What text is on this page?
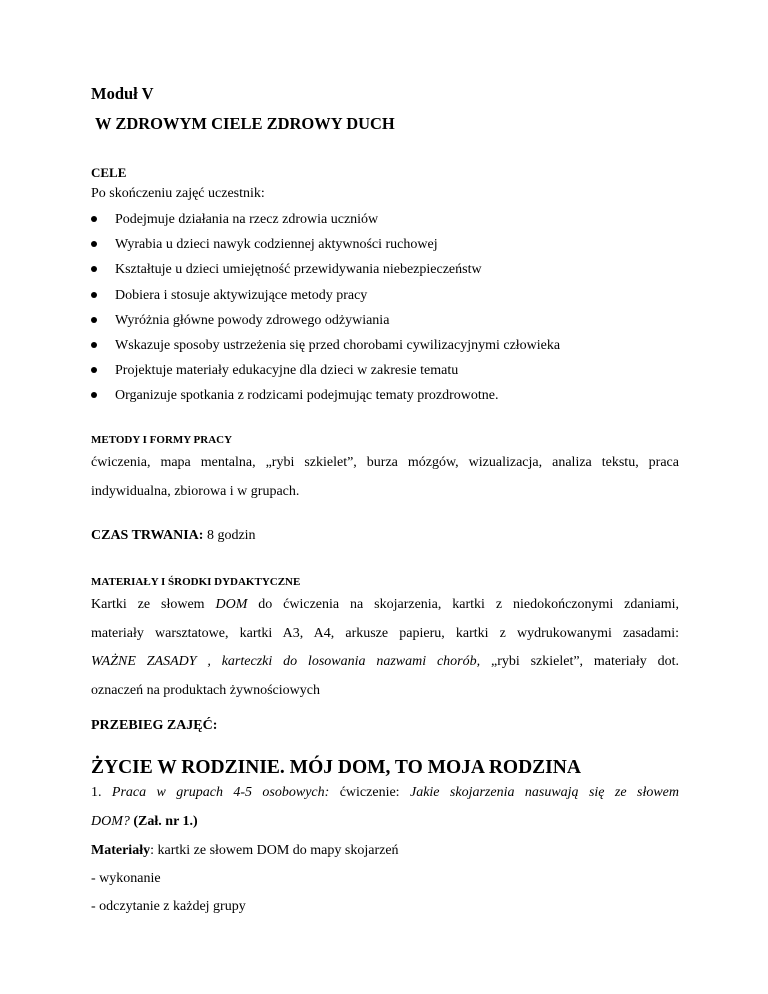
Moduł V
W ZDROWYM CIELE ZDROWY DUCH
CELE
Po skończeniu zajęć uczestnik:
Podejmuje działania na rzecz zdrowia uczniów
Wyrabia u dzieci nawyk codziennej aktywności ruchowej
Kształtuje u dzieci umiejętność przewidywania niebezpieczeństw
Dobiera i stosuje aktywizujące metody pracy
Wyróżnia główne powody zdrowego odżywiania
Wskazuje sposoby ustrzeżenia się przed chorobami cywilizacyjnymi człowieka
Projektuje materiały edukacyjne dla dzieci w zakresie tematu
Organizuje spotkania z rodzicami podejmując tematy prozdrowotne.
METODY I FORMY PRACY
ćwiczenia, mapa mentalna, „rybi szkielet”, burza mózgów, wizualizacja, analiza tekstu, praca
indywidualna, zbiorowa i w grupach.
CZAS TRWANIA: 8 godzin
MATERIAŁY I ŚRODKI DYDAKTYCZNE
Kartki ze słowem DOM do ćwiczenia na skojarzenia, kartki z niedokończonymi zdaniami,
materiały warsztatowe, kartki A3, A4, arkusze papieru, kartki z wydrukowanymi zasadami:
WAŻNE ZASADY , karteczki do losowania nazwami chorób, „rybi szkielet”, materiały dot.
oznaczeń na produktach żywnościowych
PRZEBIEG ZAJĘĆ:
ŻYCIE W RODZINIE. MÓJ DOM, TO MOJA RODZINA
1. Praca w grupach 4-5 osobowych: ćwiczenie: Jakie skojarzenia nasuwają się ze słowem
DOM? (Zał. nr 1.)
Materiały: kartki ze słowem DOM do mapy skojarzeń
- wykonanie
- odczytanie z każdej grupy
